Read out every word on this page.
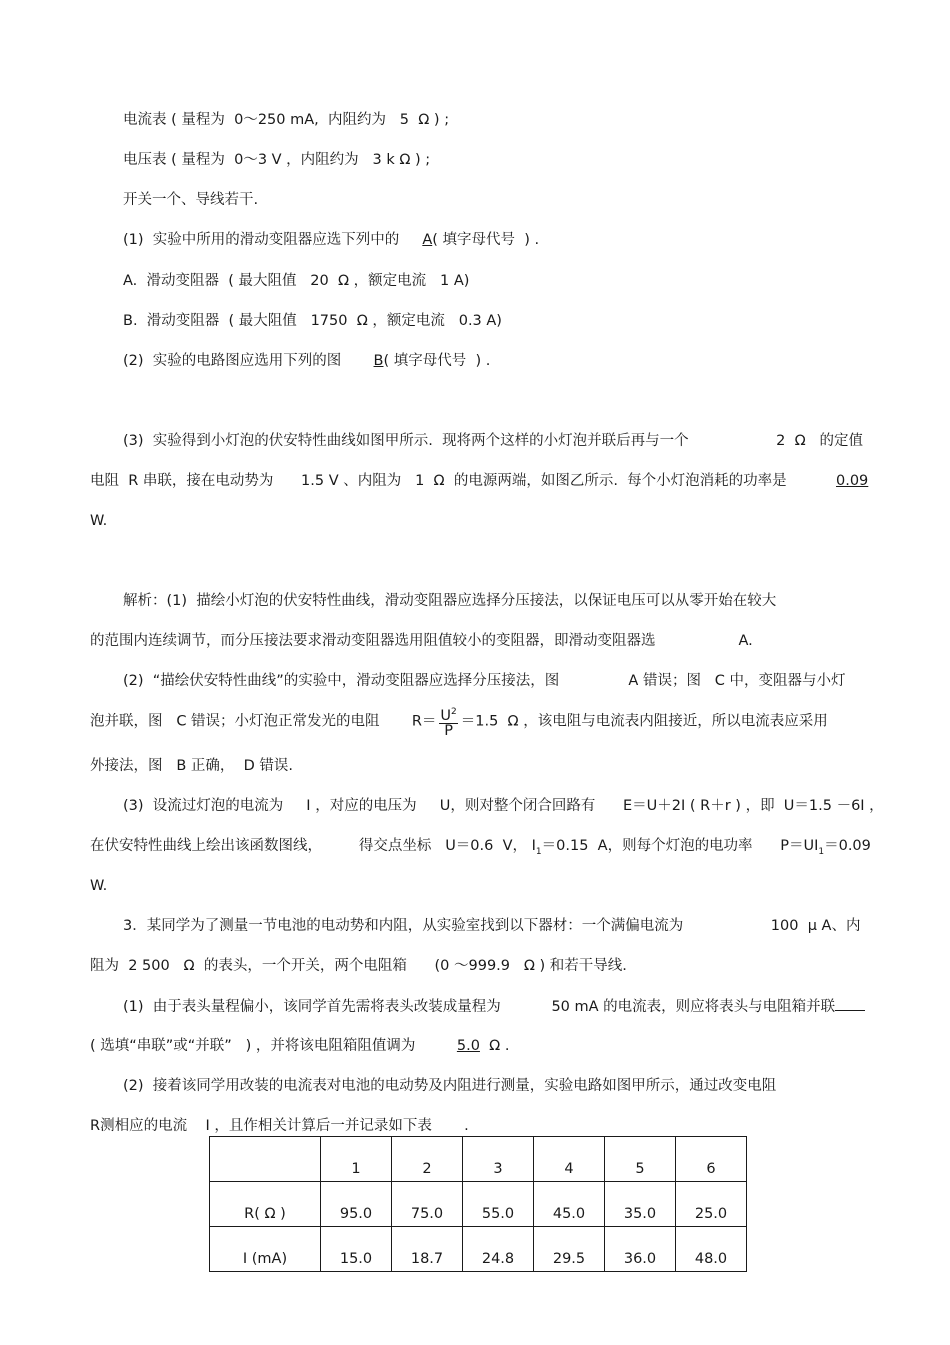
电流表 ( 量程为  0～250 mA,  内阻约为   5  Ω ) ;
电压表 ( 量程为  0～3 V ，内阻约为   3 k Ω ) ;
开关一个、导线若干.
(1)  实验中所用的滑动变阻器应选下列中的     A( 填字母代号  ) .
A.  滑动变阻器  ( 最大阻值   20  Ω ，额定电流   1 A)
B.  滑动变阻器  ( 最大阻值   1750  Ω ，额定电流   0.3 A)
(2)  实验的电路图应选用下列的图       B( 填字母代号  ) .
(3)  实验得到小灯泡的伏安特性曲线如图甲所示.  现将两个这样的小灯泡并联后再与一个                   2  Ω   的定值
电阻  R 串联，接在电动势为      1.5 V 、内阻为   1  Ω  的电源两端，如图乙所示.  每个小灯泡消耗的功率是	0.09
W.
解析：(1)  描绘小灯泡的伏安特性曲线，滑动变阻器应选择分压接法，以保证电压可以从零开始在较大
的范围内连续调节，而分压接法要求滑动变阻器选用阻值较小的变阻器，即滑动变阻器选                  A.
(2)  “描绘伏安特性曲线”的实验中，滑动变阻器应选择分压接法，图               A 错误；图   C 中，变阻器与小灯
泡并联，图   C 错误；小灯泡正常发光的电阻       $R= \frac{U^2}{P} =1.5$  Ω ，该电阻与电流表内阻接近，所以电流表应采用
外接法，图   B 正确，  D 错误.
(3)  设流过灯泡的电流为     I ，对应的电压为     U，则对整个闭合回路有      E＝U＋2I ( R＋r ) ，即  U＝1.5 －6I ，
在伏安特性曲线上绘出该函数图线，        得交点坐标   U＝0.6  V， $I_1=0.15$  A，则每个灯泡的电功率      $P=UI_1=0.09$
W.
3．某同学为了测量一节电池的电动势和内阻，从实验室找到以下器材：一个满偏电流为                   100  μ A、内
阻为  2 500   Ω  的表头，一个开关，两个电阻箱      (0 ～999.9   Ω ) 和若干导线.
(1)  由于表头量程偏小，该同学首先需将表头改装成量程为           50 mA 的电流表，则应将表头与电阻箱并联
( 选填“串联”或“并联”   ) ，并将该电阻箱阻值调为         5.0  Ω .
(2)  接着该同学用改装的电流表对电池的电动势及内阻进行测量，实验电路如图甲所示，通过改变电阻
R测相应的电流    I ，且作相关计算后一并记录如下表       .
	1	2	3	4	5	6
R( Ω )	95.0	75.0	55.0	45.0	35.0	25.0
I (mA)	15.0	18.7	24.8	29.5	36.0	48.0
